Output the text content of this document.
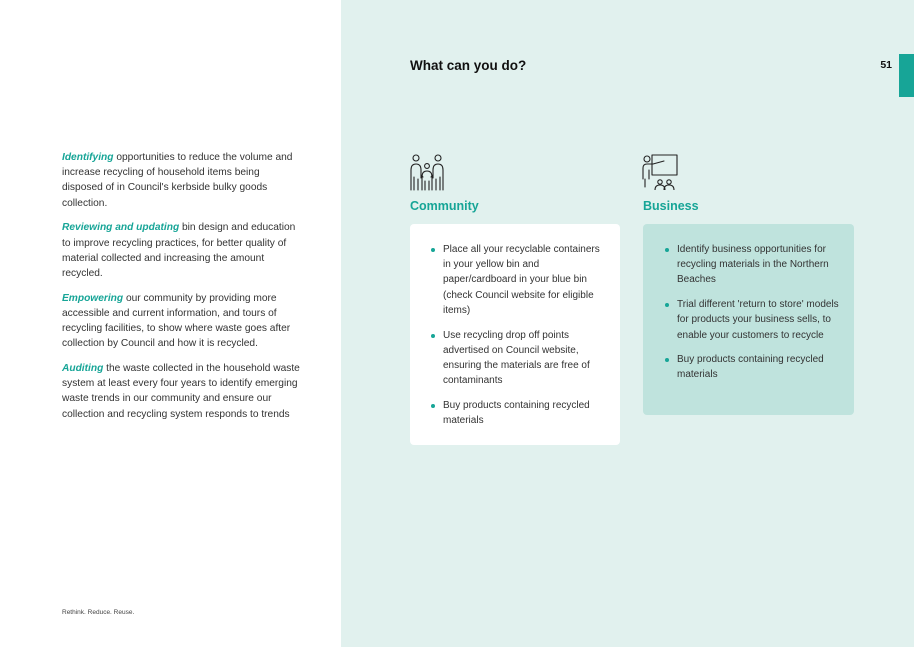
Identifying opportunities to reduce the volume and increase recycling of household items being disposed of in Council's kerbside bulky goods collection.

Reviewing and updating bin design and education to improve recycling practices, for better quality of material collected and increasing the amount recycled.

Empowering our community by providing more accessible and current information, and tours of recycling facilities, to show where waste goes after collection by Council and how it is recycled.

Auditing the waste collected in the household waste system at least every four years to identify emerging waste trends in our community and ensure our collection and recycling system responds to trends

Rethink. Reduce. Reuse.
What can you do?	51
Community
Place all your recyclable containers in your yellow bin and paper/cardboard in your blue bin (check Council website for eligible items)
Use recycling drop off points advertised on Council website, ensuring the materials are free of contaminants
Buy products containing recycled materials
Business
Identify business opportunities for recycling materials in the Northern Beaches
Trial different 'return to store' models for products your business sells, to enable your customers to recycle
Buy products containing recycled materials
